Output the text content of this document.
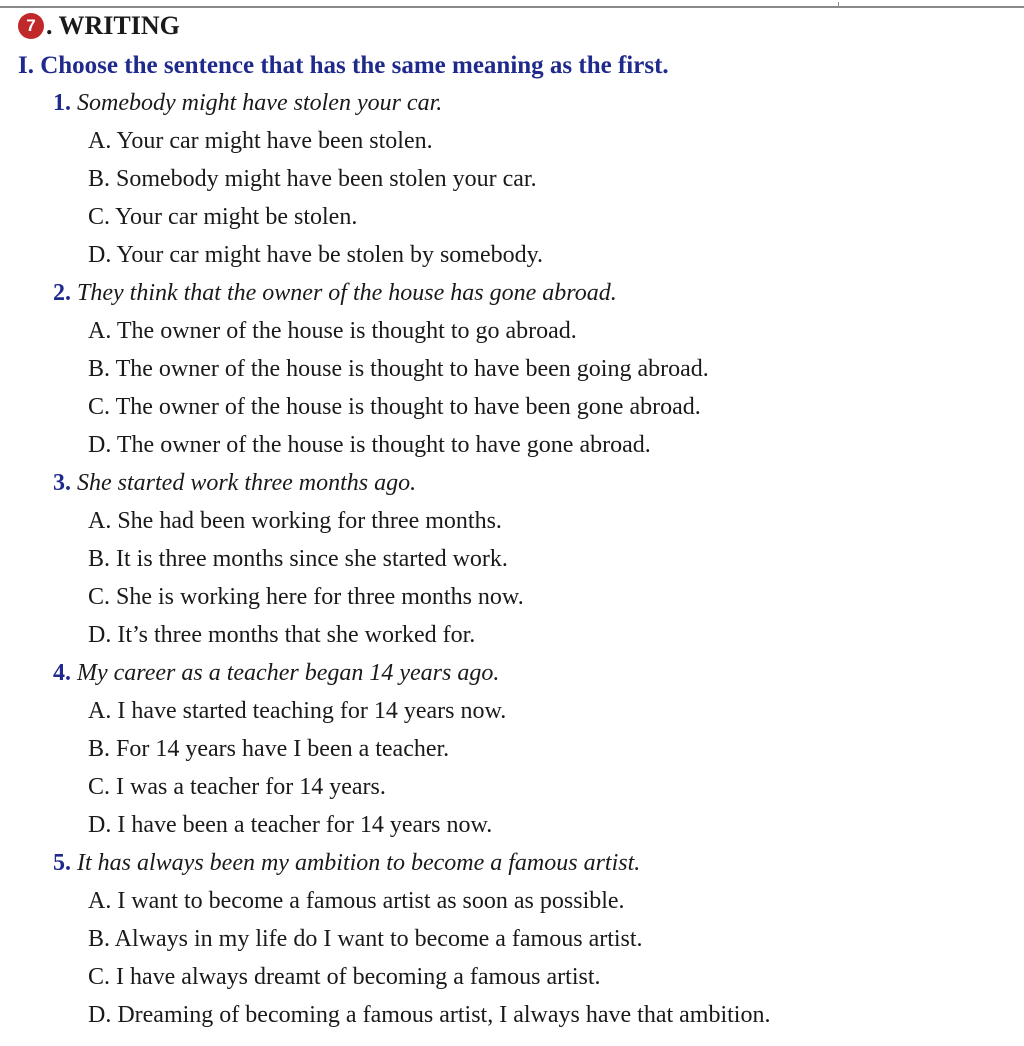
7 . WRITING
I. Choose the sentence that has the same meaning as the first.
1. Somebody might have stolen your car.
A. Your car might have been stolen.
B. Somebody might have been stolen your car.
C. Your car might be stolen.
D. Your car might have be stolen by somebody.
2. They think that the owner of the house has gone abroad.
A. The owner of the house is thought to go abroad.
B. The owner of the house is thought to have been going abroad.
C. The owner of the house is thought to have been gone abroad.
D. The owner of the house is thought to have gone abroad.
3. She started work three months ago.
A. She had been working for three months.
B. It is three months since she started work.
C. She is working here for three months now.
D. It’s three months that she worked for.
4. My career as a teacher began 14 years ago.
A. I have started teaching for 14 years now.
B. For 14 years have I been a teacher.
C. I was a teacher for 14 years.
D. I have been a teacher for 14 years now.
5. It has always been my ambition to become a famous artist.
A. I want to become a famous artist as soon as possible.
B. Always in my life do I want to become a famous artist.
C. I have always dreamt of becoming a famous artist.
D. Dreaming of becoming a famous artist, I always have that ambition.
